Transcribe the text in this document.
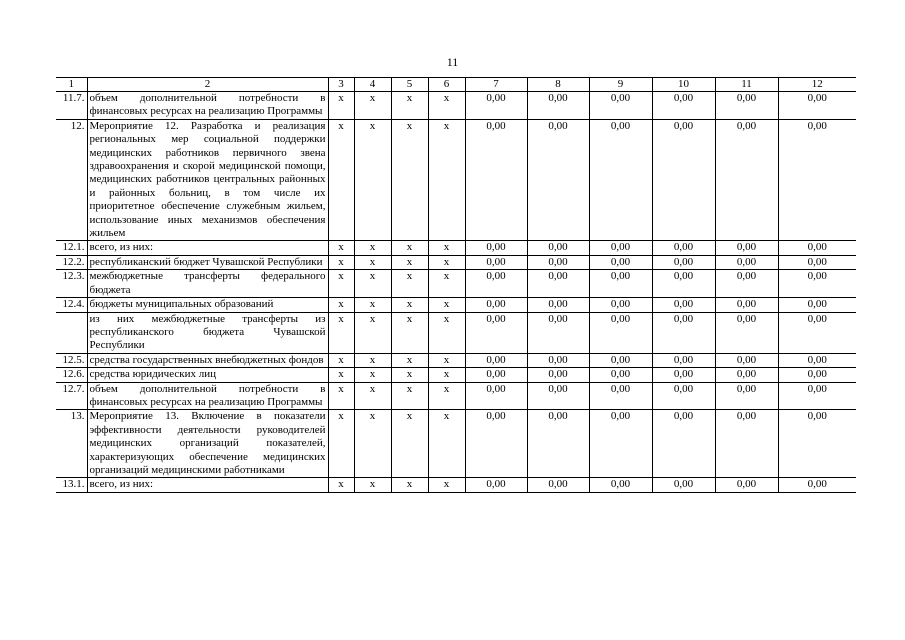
11
1	2	3	4	5	6	7	8	9	10	11	12
11.7.	объем дополнительной потребности в финансовых ресурсах на реализацию Программы	x	x	x	x	0,00	0,00	0,00	0,00	0,00	0,00
12.	Мероприятие 12. Разработка и реализация региональных мер социальной поддержки медицинских работников первичного звена здравоохранения и скорой медицинской помощи, медицинских работников центральных районных и районных больниц, в том числе их приоритетное обеспечение служебным жильем, использование иных механизмов обеспечения жильем	x	x	x	x	0,00	0,00	0,00	0,00	0,00	0,00
12.1.	всего, из них:	x	x	x	x	0,00	0,00	0,00	0,00	0,00	0,00
12.2.	республиканский бюджет Чувашской Республики	x	x	x	x	0,00	0,00	0,00	0,00	0,00	0,00
12.3.	межбюджетные трансферты федерального бюджета	x	x	x	x	0,00	0,00	0,00	0,00	0,00	0,00
12.4.	бюджеты муниципальных образований	x	x	x	x	0,00	0,00	0,00	0,00	0,00	0,00
	из них межбюджетные трансферты из республиканского бюджета Чувашской Республики	x	x	x	x	0,00	0,00	0,00	0,00	0,00	0,00
12.5.	средства государственных внебюджетных фондов	x	x	x	x	0,00	0,00	0,00	0,00	0,00	0,00
12.6.	средства юридических лиц	x	x	x	x	0,00	0,00	0,00	0,00	0,00	0,00
12.7.	объем дополнительной потребности в финансовых ресурсах на реализацию Программы	x	x	x	x	0,00	0,00	0,00	0,00	0,00	0,00
13.	Мероприятие 13. Включение в показатели эффективности деятельности руководителей медицинских организаций показателей, характеризующих обеспечение медицинских организаций медицинскими работниками	x	x	x	x	0,00	0,00	0,00	0,00	0,00	0,00
13.1.	всего, из них:	x	x	x	x	0,00	0,00	0,00	0,00	0,00	0,00
